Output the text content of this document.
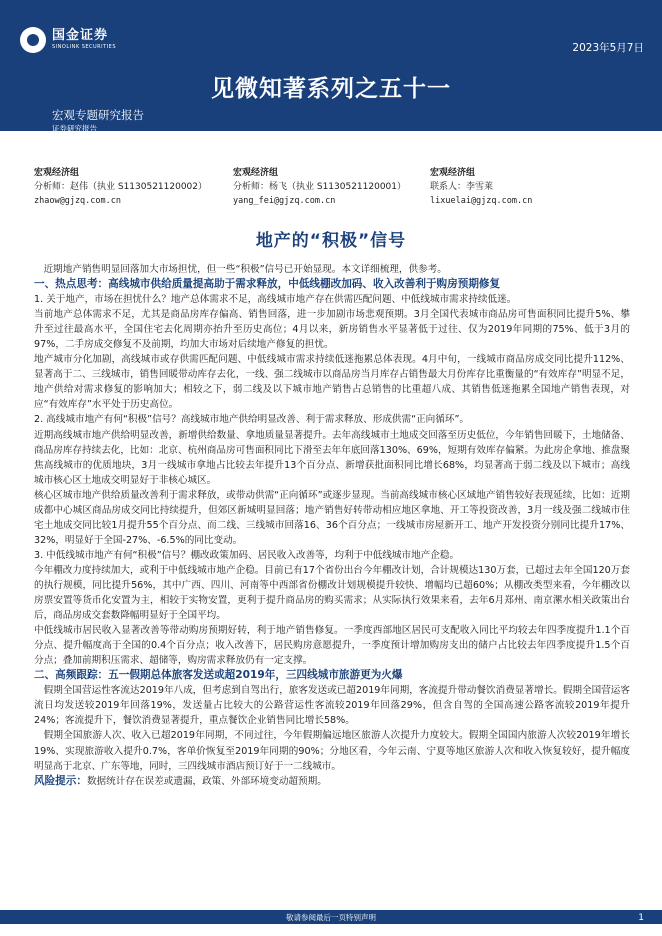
国金证券
SINOLINK SECURITIES	2023年5月7日
见微知著系列之五十一
宏观专题研究报告
证券研究报告
宏观经济组
分析师：赵伟（执业 S1130521120002）
zhaow@gjzq.com.cn
宏观经济组
分析师：杨飞（执业 S1130521120001）
yang_fei@gjzq.com.cn
宏观经济组
联系人：李雪莱
lixuelai@gjzq.com.cn
地产的“积极”信号

近期地产销售明显回落加大市场担忧，但一些“积极”信号已开始显现。本文详细梳理，供参考。

一、热点思考：高线城市供给质量提高助于需求释放，中低线棚改加码、收入改善利于购房预期修复

1. 关于地产，市场在担忧什么？地产总体需求不足，高线城市地产存在供需匹配问题、中低线城市需求持续低迷。

当前地产总体需求不足，尤其是商品房库存偏高、销售回落，进一步加剧市场悲观预期。3月全国代表城市商品房可售面积同比提升5%、攀升至过往最高水平，全国住宅去化周期亦抬升至历史高位；4月以来，新房销售水平显著低于过往、仅为2019年同期的75%、低于3月的97%，二手房成交修复不及前期，均加大市场对后续地产修复的担忧。

地产城市分化加剧，高线城市或存供需匹配问题、中低线城市需求持续低迷拖累总体表现。4月中旬，一线城市商品房成交同比提升112%、显著高于二、三线城市，销售回暖带动库存去化，一线、强二线城市以商品房当月库存占销售最大月份库存比重衡量的“有效库存”明显不足，地产供给对需求修复的影响加大；相较之下，弱二线及以下城市地产销售占总销售的比重超八成、其销售低迷拖累全国地产销售表现，对应“有效库存”水平处于历史高位。

2. 高线城市地产有何“积极”信号？高线城市地产供给明显改善、利于需求释放、形成供需“正向循环”。

近期高线城市地产供给明显改善，新增供给数量、拿地质量显著提升。去年高线城市土地成交回落至历史低位，今年销售回暖下，土地储备、商品房库存持续去化，比如：北京、杭州商品房可售面积同比下滑至去年年底回落130%、69%，短期有效库存偏紧。为此房企拿地、推盘聚焦高线城市的优质地块，3月一线城市拿地占比较去年提升13个百分点、新增获批面积同比增长68%，均显著高于弱二线及以下城市；高线城市核心区土地成交明显好于非核心城区。

核心区城市地产供给质量改善利于需求释放，或带动供需“正向循环”或逐步显现。当前高线城市核心区域地产销售较好表现延续，比如：近期成都中心城区商品房成交同比持续提升，但郊区新城明显回落；地产销售好转带动相应地区拿地、开工等投资改善，3月一线及强二线城市住宅土地成交同比较1月提升55个百分点、而二线、三线城市回落16、36个百分点；一线城市房屋新开工、地产开发投资分别同比提升17%、32%，明显好于全国-27%、-6.5%的同比变动。

3. 中低线城市地产有何“积极”信号？棚改政策加码、居民收入改善等，均利于中低线城市地产企稳。

今年棚改力度持续加大，或利于中低线城市地产企稳。目前已有17个省份出台今年棚改计划，合计规模达130万套，已超过去年全国120万套的执行规模，同比提升56%，其中广西、四川、河南等中西部省份棚改计划规模提升较快、增幅均已超60%；从棚改类型来看，今年棚改以房票安置等货币化安置为主，相较于实物安置，更利于提升商品房的购买需求；从实际执行效果来看，去年6月郑州、南京漯水相关政策出台后，商品房成交套数降幅明显好于全国平均。

中低线城市居民收入显著改善等带动购房预期好转，利于地产销售修复。一季度西部地区居民可支配收入同比平均较去年四季度提升1.1个百分点、提升幅度高于全国的0.4个百分点；收入改善下，居民购房意愿提升，一季度预计增加购房支出的储户占比较去年四季度提升1.5个百分点；叠加前期积压需求、超储等，购房需求释放仍有一定支撑。

二、高频跟踪：五一假期总体旅客发送或超2019年，三四线城市旅游更为火爆

假期全国营运性客流达2019年八成，但考虑到自驾出行，旅客发送或已超2019年同期，客流提升带动餐饮消费显著增长。假期全国营运客流日均发送较2019年回落19%，发送量占比较大的公路营运性客流较2019年回落29%，但含自驾的全国高速公路客流较2019年提升24%；客流提升下，餐饮消费显著提升，重点餐饮企业销售同比增长58%。

假期全国旅游人次、收入已超2019年同期，不同过往，今年假期偏远地区旅游人次提升力度较大。假期全国国内旅游人次较2019年增长19%、实现旅游收入提升0.7%，客单价恢复至2019年同期的90%；分地区看，今年云南、宁夏等地区旅游人次和收入恢复较好，提升幅度明显高于北京、广东等地，同时，三四线城市酒店预订好于一二线城市。

风险提示：数据统计存在误差或遗漏，政策、外部环境变动超预期。

敬请参阅最后一页特别声明	1
